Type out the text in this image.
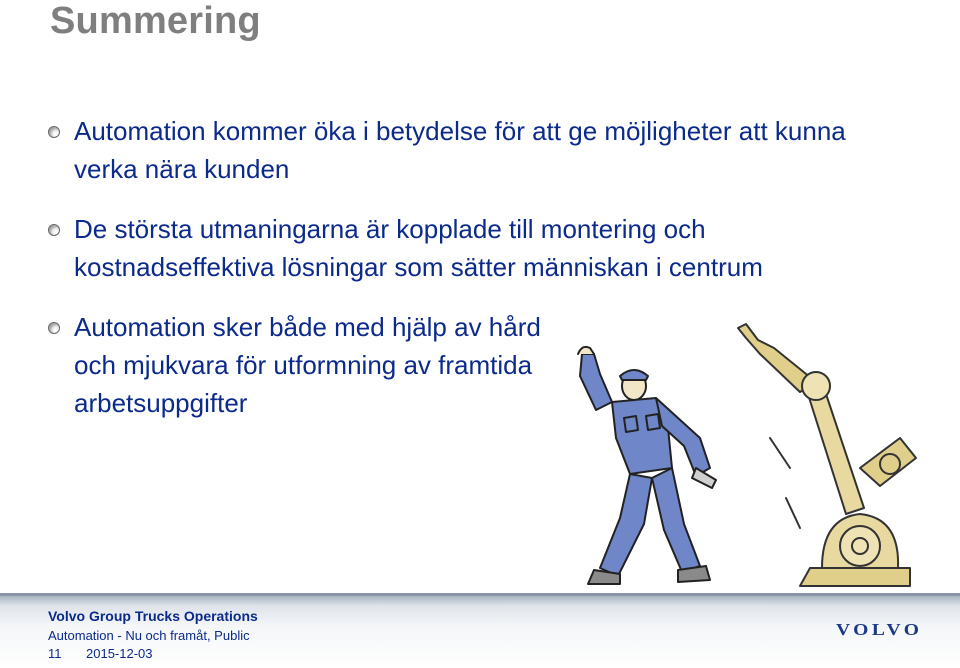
Summering
Automation kommer öka i betydelse för att ge möjligheter att kunna verka nära kunden
De största utmaningarna är kopplade till montering och kostnadseffektiva lösningar som sätter människan i centrum
Automation sker både med hjälp av hård och mjukvara för utformning av framtida arbetsuppgifter
Volvo Group Trucks Operations
Automation - Nu och framåt, Public
11 2015-12-03
VOLVO
